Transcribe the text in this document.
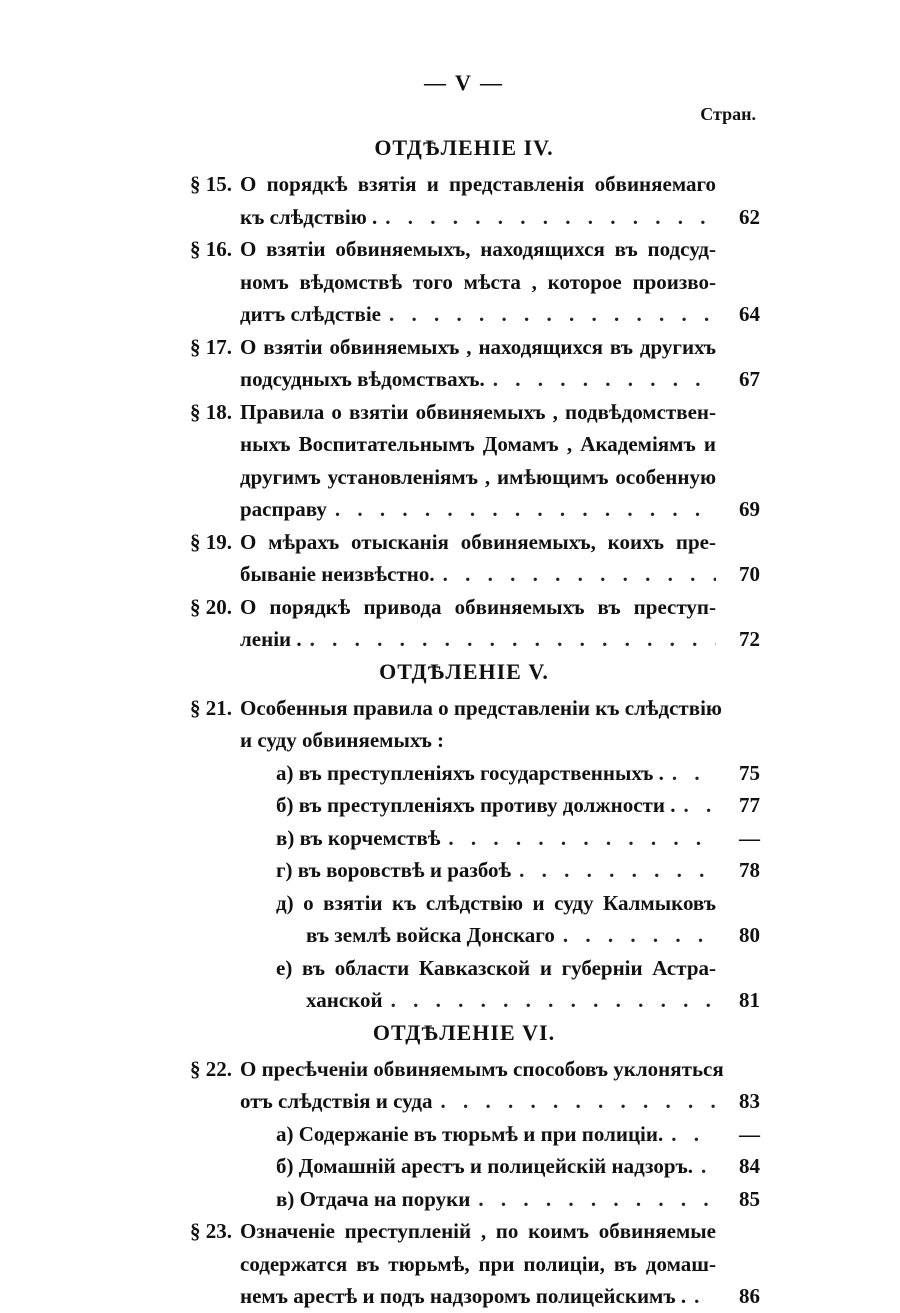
— V —
Стран.
ОТДѢЛЕНІЕ IV.
§ 15. О порядкѣ взятія и представленія обвиняемаго
къ слѣдствію . . . .	62
§ 16. О взятіи обвиняемыхъ, находящихся въ подсуд-
номъ вѣдомствѣ того мѣста , которое произво-
дитъ слѣдствіе . . .	64
§ 17. О взятіи обвиняемыхъ , находящихся въ другихъ
подсудныхъ вѣдомствахъ. . . .	67
§ 18. Правила о взятіи обвиняемыхъ , подвѣдомствен-
ныхъ Воспитательнымъ Домамъ , Академіямъ и
другимъ установленіямъ , имѣющимъ особенную
расправу . . .	69
§ 19. О мѣрахъ отысканія обвиняемыхъ, коихъ пре-
бываніе неизвѣстно. . . .	70
§ 20. О порядкѣ привода обвиняемыхъ въ преступ-
леніи . . . .	72
ОТДѢЛЕНІЕ V.
§ 21. Особенныя правила о представленіи къ слѣдствію
и суду обвиняемыхъ :
а) въ преступленіяхъ государственныхъ . . . .	75
б) въ преступленіяхъ противу должности . . . .	77
в) въ корчемствѣ . . .	—
г) въ воровствѣ и разбоѣ . . .	78
д) о взятіи къ слѣдствію и суду Калмыковъ
въ землѣ войска Донскаго . . .	80
е) въ области Кавказской и губерніи Астра-
ханской . . .	81
ОТДѢЛЕНІЕ VI.
§ 22. О пресѣченіи обвиняемымъ способовъ уклоняться
отъ слѣдствія и суда . . .	83
а) Содержаніе въ тюрьмѣ и при полиціи. . . .	—
б) Домашній арестъ и полицейскій надзоръ. . . .	84
в) Отдача на поруки . . .	85
§ 23. Означеніе преступленій , по коимъ обвиняемые
содержатся въ тюрьмѣ, при полиціи, въ домаш-
немъ арестѣ и подъ надзоромъ полицейскимъ . . . .	86
